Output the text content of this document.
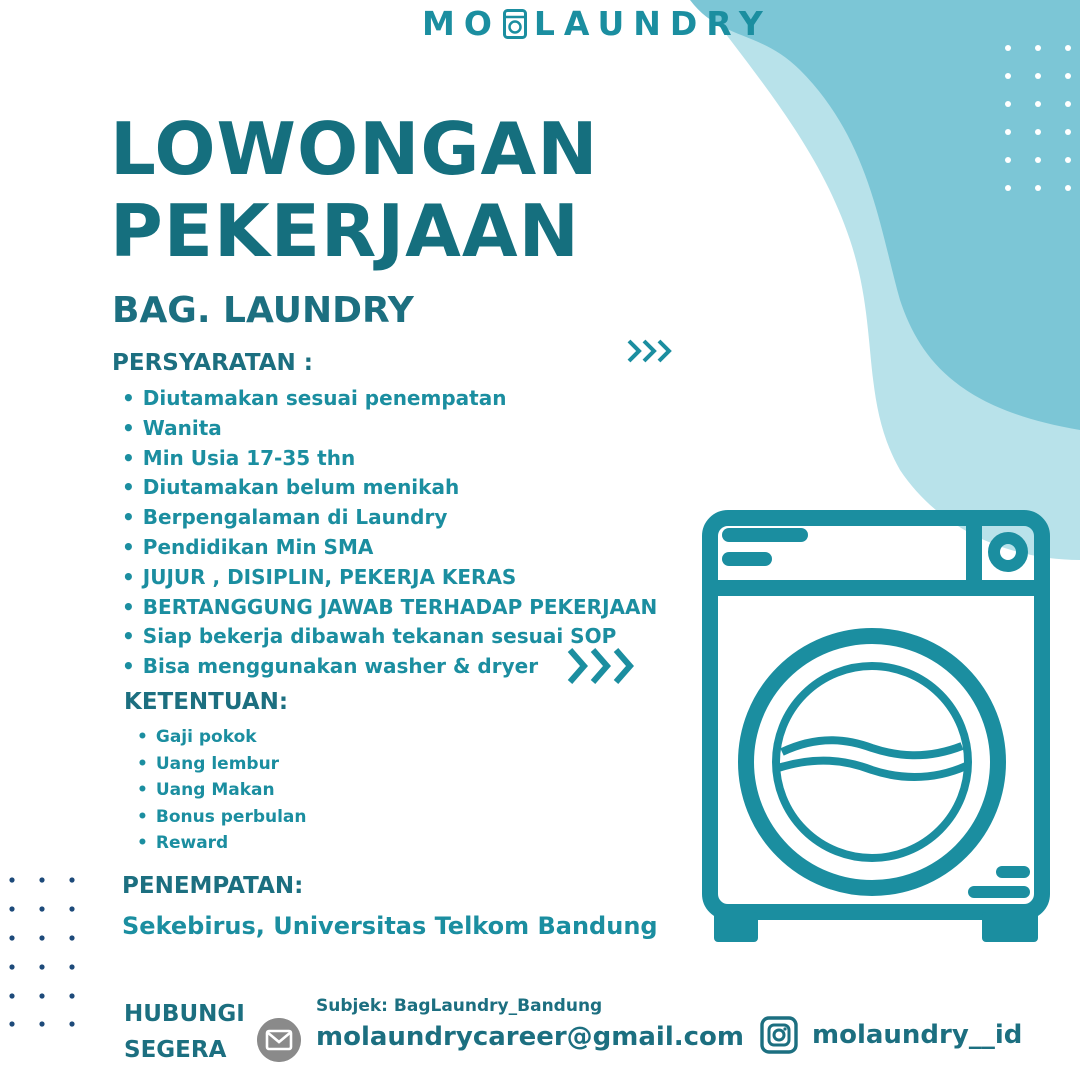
MO LAUNDRY
LOWONGAN
PEKERJAAN
BAG. LAUNDRY
PERSYARATAN :
• Diutamakan sesuai penempatan
• Wanita
• Min Usia 17-35 thn
• Diutamakan belum menikah
• Berpengalaman di Laundry
• Pendidikan Min SMA
• JUJUR , DISIPLIN, PEKERJA KERAS
• BERTANGGUNG JAWAB TERHADAP PEKERJAAN
• Siap bekerja dibawah tekanan sesuai SOP
• Bisa menggunakan washer & dryer
KETENTUAN:
• Gaji pokok
• Uang lembur
• Uang Makan
• Bonus perbulan
• Reward
PENEMPATAN:
Sekebirus, Universitas Telkom Bandung
HUBUNGI
SEGERA
Subjek: BagLaundry_Bandung
molaundrycareer@gmail.com	molaundry__id
